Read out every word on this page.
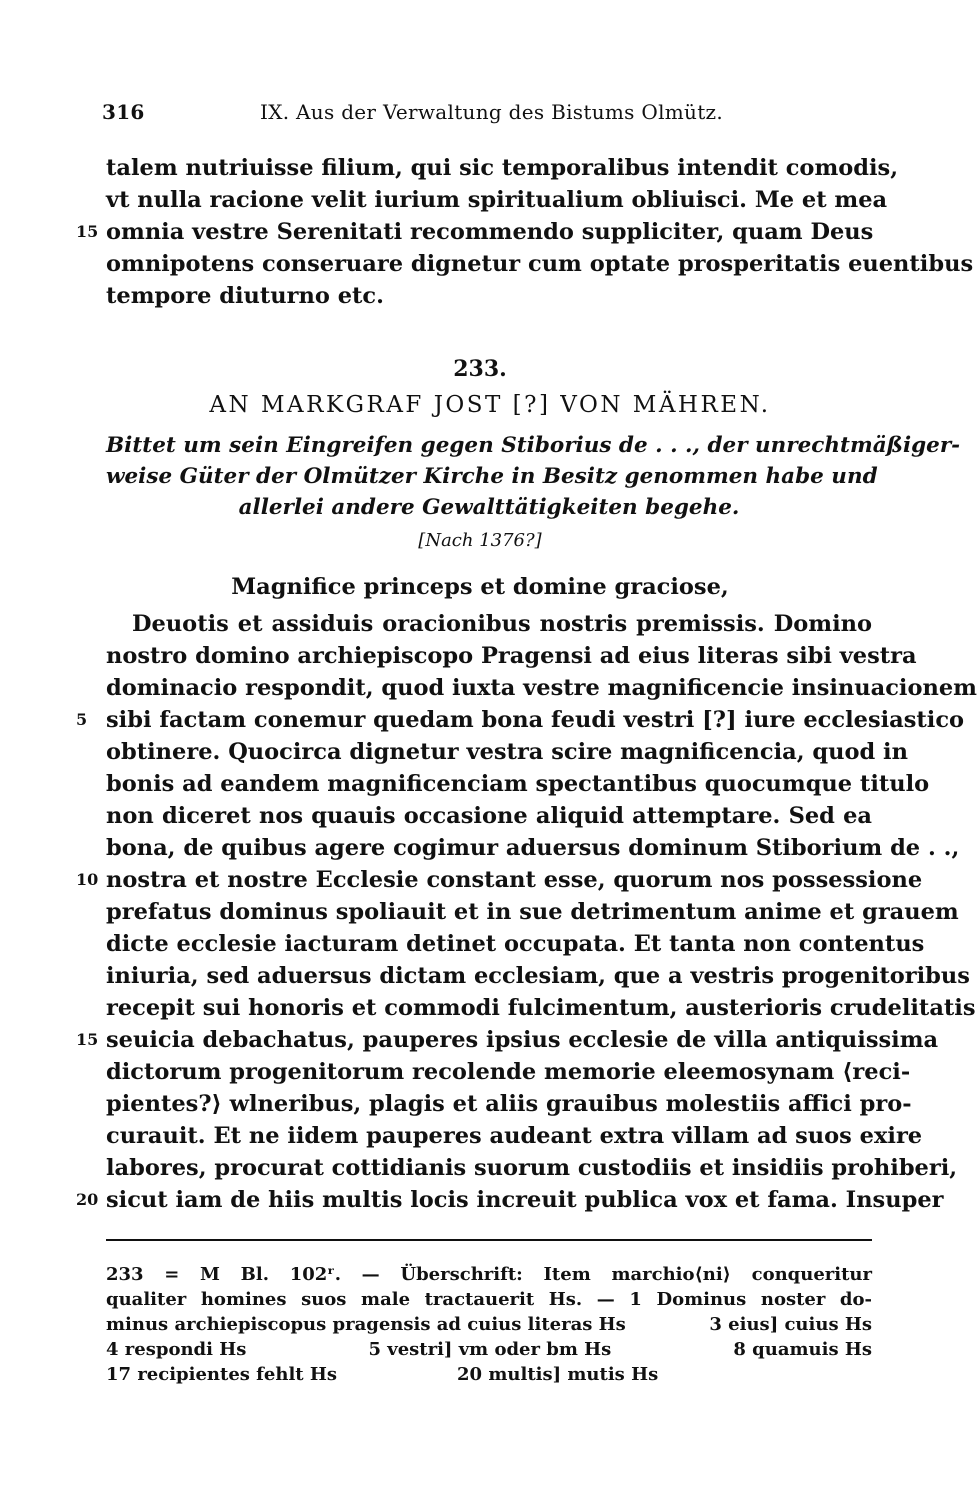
316	IX. Aus der Verwaltung des Bistums Olmütz.
talem nutriuisse filium, qui sic temporalibus intendit comodis,
vt nulla racione velit iurium spiritualium obliuisci. Me et mea
15 omnia vestre Serenitati recommendo suppliciter, quam Deus
omnipotens conseruare dignetur cum optate prosperitatis euentibus
tempore diuturno etc.
233.
AN MARKGRAF JOST [?] VON MÄHREN.
Bittet um sein Eingreifen gegen Stiborius de . . ., der unrechtmäßiger-
weise Güter der Olmützer Kirche in Besitz genommen habe und
allerlei andere Gewalttätigkeiten begehe.
[Nach 1376?]
Magnifice princeps et domine graciose,
Deuotis et assiduis oracionibus nostris premissis. Domino
nostro domino archiepiscopo Pragensi ad eius literas sibi vestra
dominacio respondit, quod iuxta vestre magnificencie insinuacionem
5 sibi factam conemur quedam bona feudi vestri [?] iure ecclesiastico
obtinere. Quocirca dignetur vestra scire magnificencia, quod in
bonis ad eandem magnificenciam spectantibus quocumque titulo
non diceret nos quauis occasione aliquid attemptare. Sed ea
bona, de quibus agere cogimur aduersus dominum Stiborium de . .,
10 nostra et nostre Ecclesie constant esse, quorum nos possessione
prefatus dominus spoliauit et in sue detrimentum anime et grauem
dicte ecclesie iacturam detinet occupata. Et tanta non contentus
iniuria, sed aduersus dictam ecclesiam, que a vestris progenitoribus
recepit sui honoris et commodi fulcimentum, austerioris crudelitatis
15 seuicia debachatus, pauperes ipsius ecclesie de villa antiquissima
dictorum progenitorum recolende memorie eleemosynam ⟨reci-
pientes?⟩ wlneribus, plagis et aliis grauibus molestiis affici pro-
curauit. Et ne iidem pauperes audeant extra villam ad suos exire
labores, procurat cottidianis suorum custodiis et insidiis prohiberi,
20 sicut iam de hiis multis locis increuit publica vox et fama. Insuper
233 = M Bl. 102ʳ. — Überschrift: Item marchio⟨ni⟩ conqueritur
qualiter homines suos male tractauerit Hs. — 1 Dominus noster do-
minus archiepiscopus pragensis ad cuius literas Hs	3 eius] cuius Hs
4 respondi Hs	5 vestri] vm oder bm Hs	8 quamuis Hs
17 recipientes fehlt Hs	20 multis] mutis Hs
